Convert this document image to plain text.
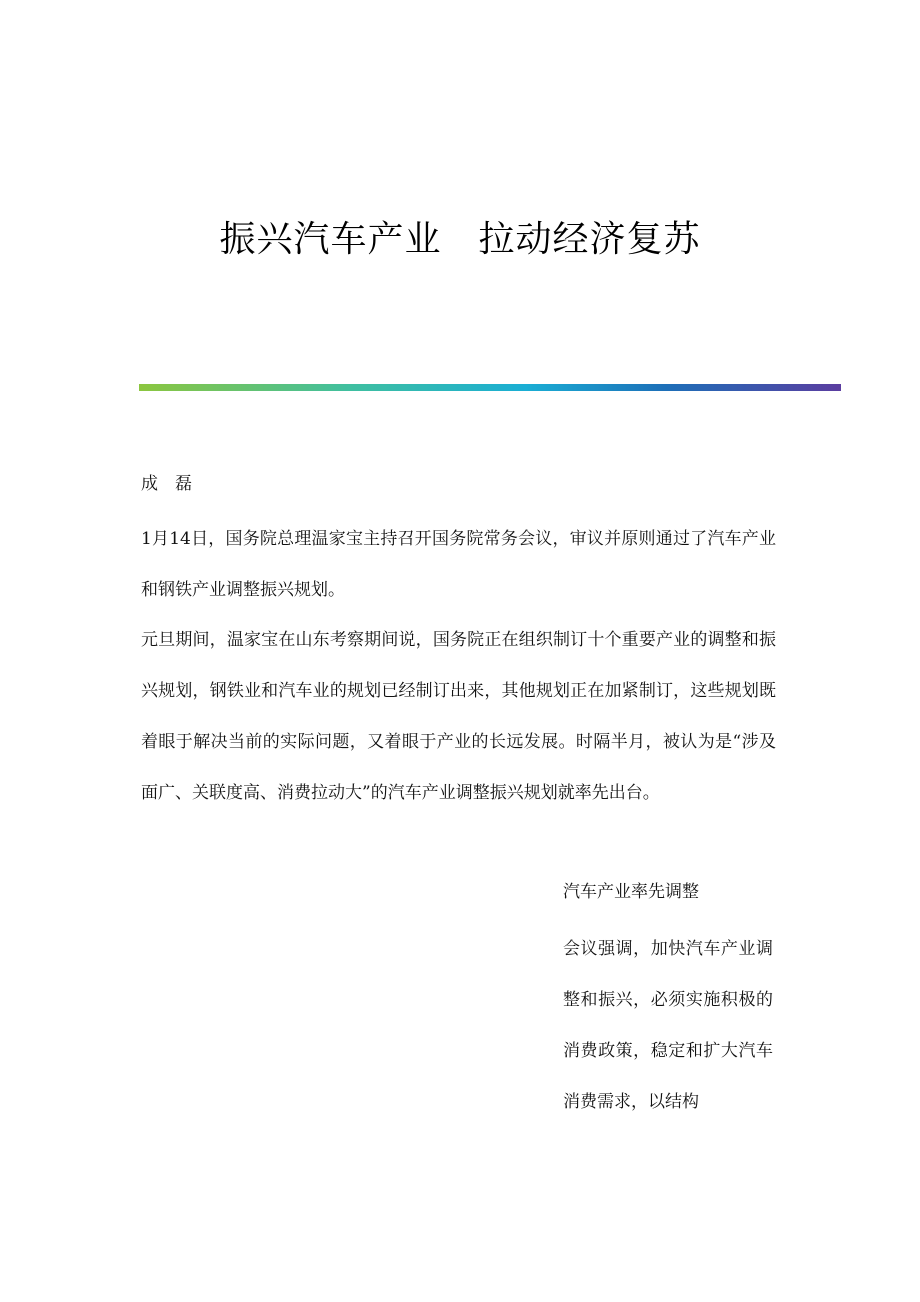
振兴汽车产业　拉动经济复苏
成　磊

1月14日，国务院总理温家宝主持召开国务院常务会议，审议并原则通过了汽车产业和钢铁产业调整振兴规划。

元旦期间，温家宝在山东考察期间说，国务院正在组织制订十个重要产业的调整和振兴规划，钢铁业和汽车业的规划已经制订出来，其他规划正在加紧制订，这些规划既着眼于解决当前的实际问题，又着眼于产业的长远发展。时隔半月，被认为是“涉及面广、关联度高、消费拉动大”的汽车产业调整振兴规划就率先出台。

汽车产业率先调整

会议强调，加快汽车产业调整和振兴，必须实施积极的消费政策，稳定和扩大汽车消费需求，以结构
